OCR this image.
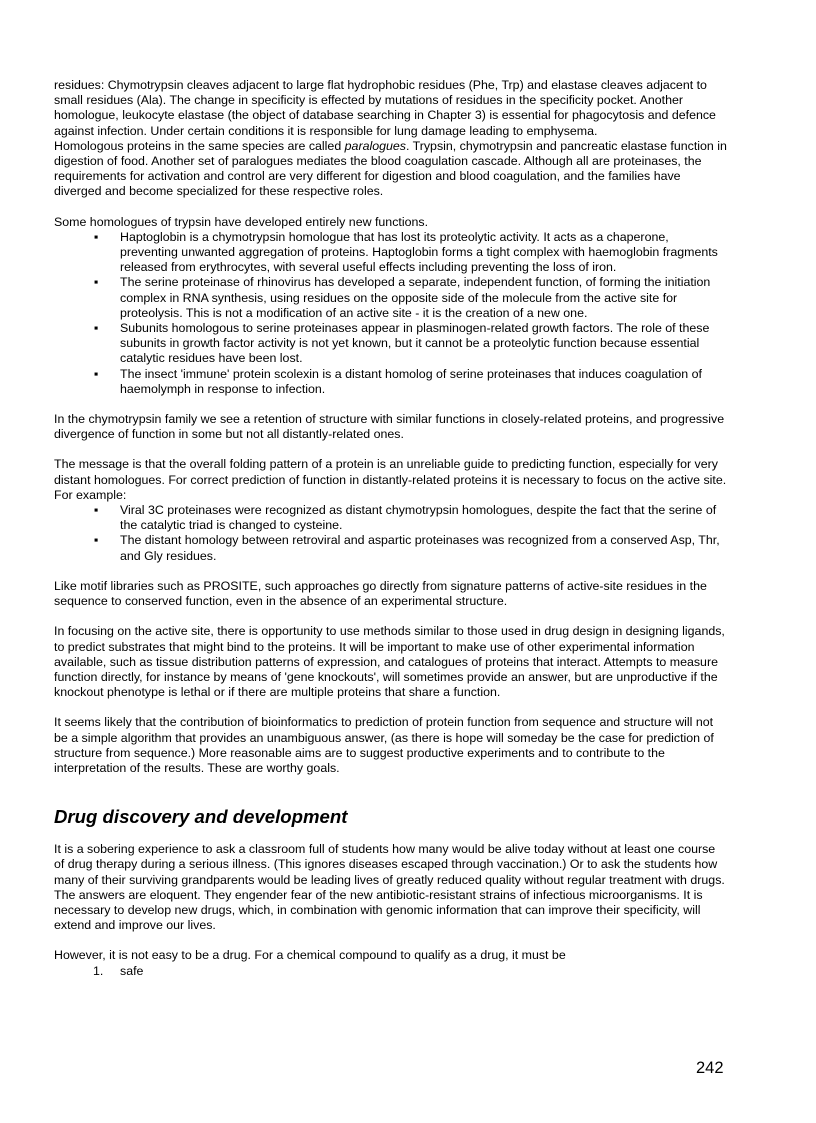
residues: Chymotrypsin cleaves adjacent to large flat hydrophobic residues (Phe, Trp) and elastase cleaves adjacent to small residues (Ala). The change in specificity is effected by mutations of residues in the specificity pocket. Another homologue, leukocyte elastase (the object of database searching in Chapter 3) is essential for phagocytosis and defence against infection. Under certain conditions it is responsible for lung damage leading to emphysema.

Homologous proteins in the same species are called paralogues. Trypsin, chymotrypsin and pancreatic elastase function in digestion of food. Another set of paralogues mediates the blood coagulation cascade. Although all are proteinases, the requirements for activation and control are very different for digestion and blood coagulation, and the families have diverged and become specialized for these respective roles.

Some homologues of trypsin have developed entirely new functions.

▪	Haptoglobin is a chymotrypsin homologue that has lost its proteolytic activity. It acts as a chaperone, preventing unwanted aggregation of proteins. Haptoglobin forms a tight complex with haemoglobin fragments released from erythrocytes, with several useful effects including preventing the loss of iron.
▪	The serine proteinase of rhinovirus has developed a separate, independent function, of forming the initiation complex in RNA synthesis, using residues on the opposite side of the molecule from the active site for proteolysis. This is not a modification of an active site - it is the creation of a new one.
▪	Subunits homologous to serine proteinases appear in plasminogen-related growth factors. The role of these subunits in growth factor activity is not yet known, but it cannot be a proteolytic function because essential catalytic residues have been lost.
▪	The insect 'immune' protein scolexin is a distant homolog of serine proteinases that induces coagulation of haemolymph in response to infection.

In the chymotrypsin family we see a retention of structure with similar functions in closely-related proteins, and progressive divergence of function in some but not all distantly-related ones.

The message is that the overall folding pattern of a protein is an unreliable guide to predicting function, especially for very distant homologues. For correct prediction of function in distantly-related proteins it is necessary to focus on the active site. For example:

▪	Viral 3C proteinases were recognized as distant chymotrypsin homologues, despite the fact that the serine of the catalytic triad is changed to cysteine.
▪	The distant homology between retroviral and aspartic proteinases was recognized from a conserved Asp, Thr, and Gly residues.

Like motif libraries such as PROSITE, such approaches go directly from signature patterns of active-site residues in the sequence to conserved function, even in the absence of an experimental structure.

In focusing on the active site, there is opportunity to use methods similar to those used in drug design in designing ligands, to predict substrates that might bind to the proteins. It will be important to make use of other experimental information available, such as tissue distribution patterns of expression, and catalogues of proteins that interact. Attempts to measure function directly, for instance by means of 'gene knockouts', will sometimes provide an answer, but are unproductive if the knockout phenotype is lethal or if there are multiple proteins that share a function.

It seems likely that the contribution of bioinformatics to prediction of protein function from sequence and structure will not be a simple algorithm that provides an unambiguous answer, (as there is hope will someday be the case for prediction of structure from sequence.) More reasonable aims are to suggest productive experiments and to contribute to the interpretation of the results. These are worthy goals.

Drug discovery and development

It is a sobering experience to ask a classroom full of students how many would be alive today without at least one course of drug therapy during a serious illness. (This ignores diseases escaped through vaccination.) Or to ask the students how many of their surviving grandparents would be leading lives of greatly reduced quality without regular treatment with drugs. The answers are eloquent. They engender fear of the new antibiotic-resistant strains of infectious microorganisms. It is necessary to develop new drugs, which, in combination with genomic information that can improve their specificity, will extend and improve our lives.

However, it is not easy to be a drug. For a chemical compound to qualify as a drug, it must be

1. safe
242
